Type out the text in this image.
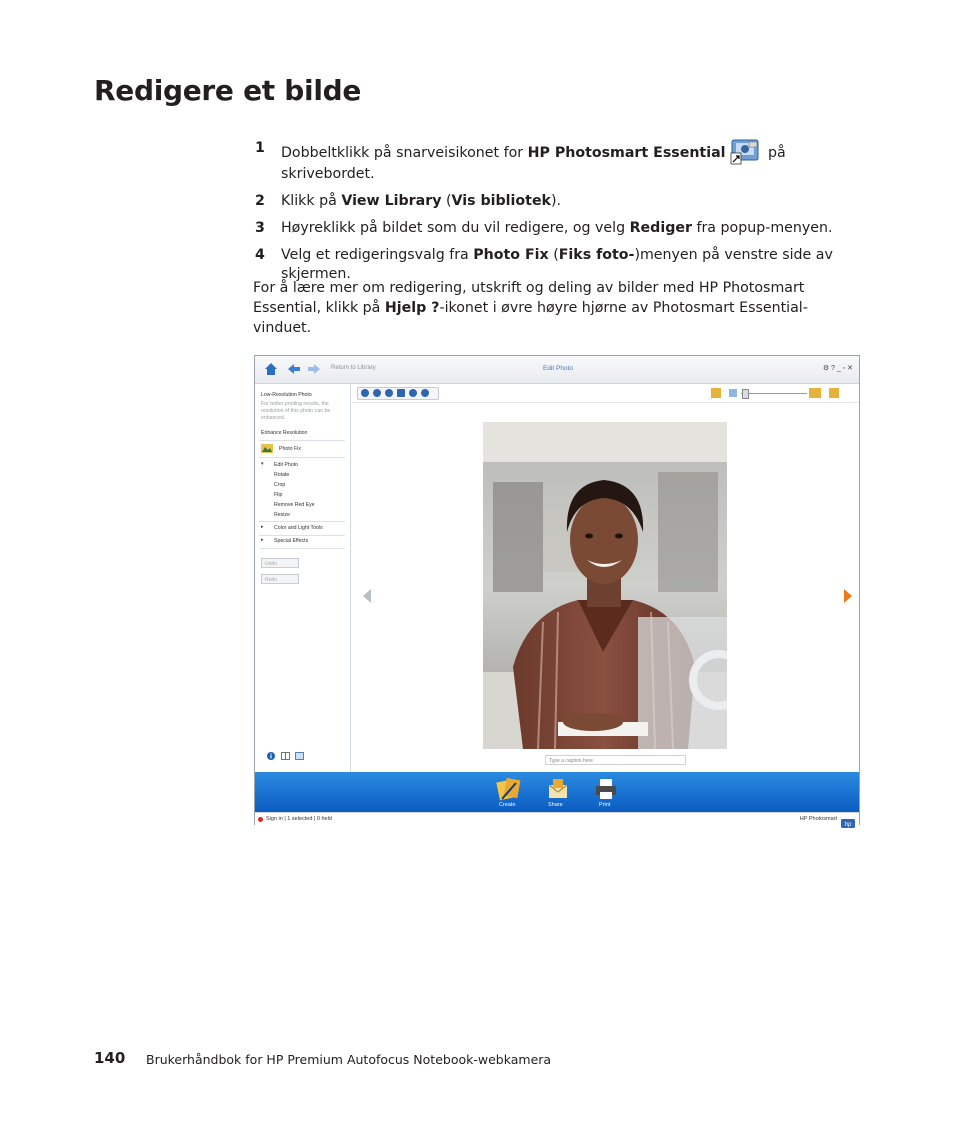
Redigere et bilde
1 Dobbeltklikk på snarveisikonet for HP Photosmart Essential	på skrivebordet.
2 Klikk på View Library (Vis bibliotek).
3 Høyreklikk på bildet som du vil redigere, og velg Rediger fra popup-menyen.
4 Velg et redigeringsvalg fra Photo Fix (Fiks foto-)menyen på venstre side av skjermen.
For å lære mer om redigering, utskrift og deling av bilder med HP Photosmart Essential, klikk på Hjelp ?-ikonet i øvre høyre hjørne av Photosmart Essential-vinduet.
Return to Library	Edit Photo	⚙ ? _ ▫ ✕
Low-Resolution Photo
For better printing results, the
resolution of this photo can be
enhanced.
Enhance Resolution
Photo Fix
▾ Edit Photo
Rotate
Crop
Flip
Remove Red Eye
Resize
▸ Color and Light Tools
▸ Special Effects
Undo
Redo
Type a caption here
Create	Share	Print
Sign in | 1 selected | 0 held	HP Photosmart
hp
140 Brukerhåndbok for HP Premium Autofocus Notebook-webkamera
